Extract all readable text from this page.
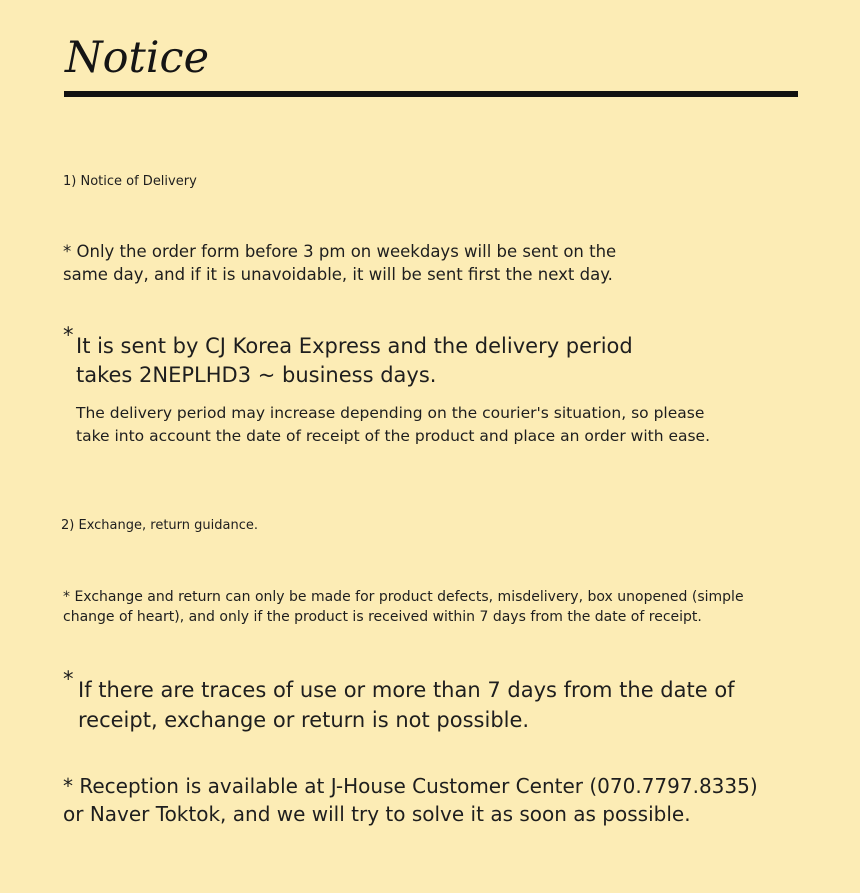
Notice
1) Notice of Delivery
* Only the order form before 3 pm on weekdays will be sent on the
same day, and if it is unavoidable, it will be sent first the next day.
* It is sent by CJ Korea Express and the delivery period
takes 2NEPLHD3 ~ business days.
The delivery period may increase depending on the courier's situation, so please
take into account the date of receipt of the product and place an order with ease.
2) Exchange, return guidance.
* Exchange and return can only be made for product defects, misdelivery, box unopened (simple
change of heart), and only if the product is received within 7 days from the date of receipt.
* If there are traces of use or more than 7 days from the date of
receipt, exchange or return is not possible.
* Reception is available at J-House Customer Center (070.7797.8335)
or Naver Toktok, and we will try to solve it as soon as possible.
